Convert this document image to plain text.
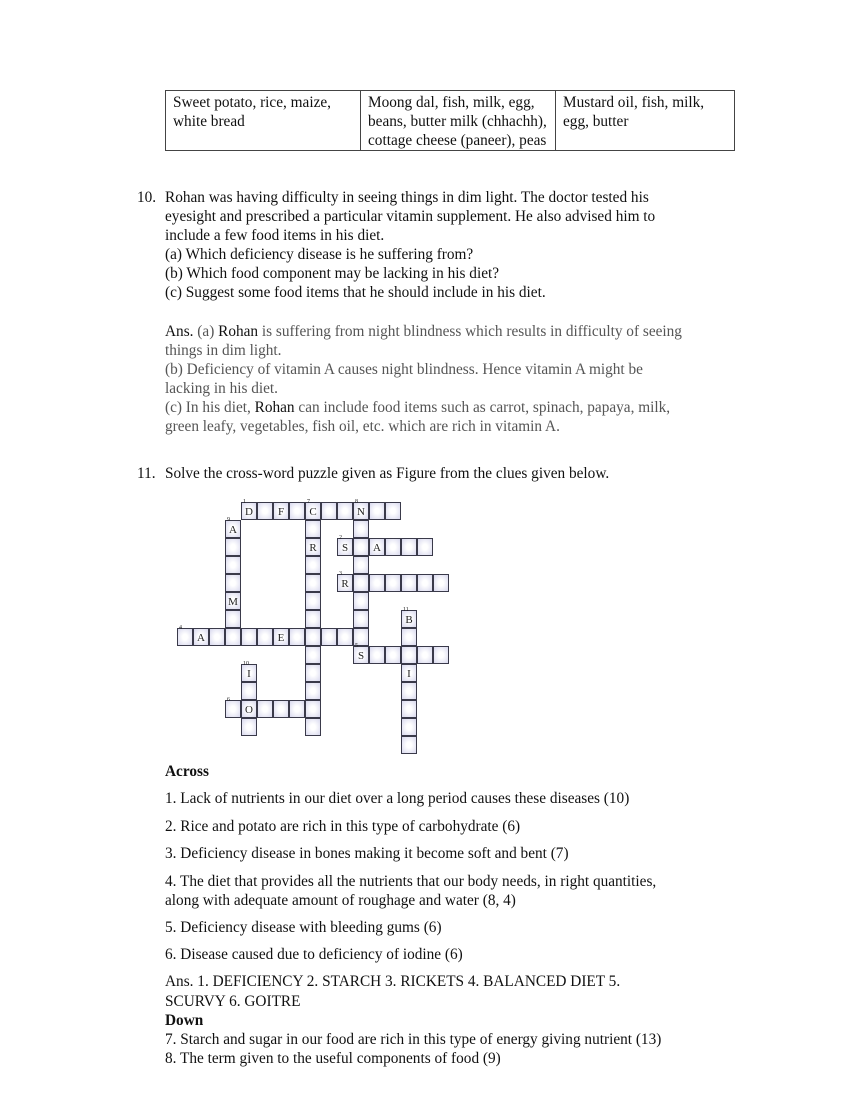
Sweet potato, rice, maize, white bread	Moong dal, fish, milk, egg, beans, butter milk (chhachh), cottage cheese (paneer), peas	Mustard oil, fish, milk, egg, butter
10. Rohan was having difficulty in seeing things in dim light. The doctor tested his
eyesight and prescribed a particular vitamin supplement. He also advised him to
include a few food items in his diet.
(a) Which deficiency disease is he suffering from?
(b) Which food component may be lacking in his diet?
(c) Suggest some food items that he should include in his diet.
Ans. (a) Rohan is suffering from night blindness which results in difficulty of seeing
things in dim light.
(b) Deficiency of vitamin A causes night blindness. Hence vitamin A might be
lacking in his diet.
(c) In his diet, Rohan can include food items such as carrot, spinach, papaya, milk,
green leafy, vegetables, fish oil, etc. which are rich in vitamin A.
11. Solve the cross-word puzzle given as Figure from the clues given below.
1
D	F
7
C
8
N
2
S	A
3
R
4
A	E
5
S
6
O
R
9
A
M
10
I
11
B
I
Across
1. Lack of nutrients in our diet over a long period causes these diseases (10)
2. Rice and potato are rich in this type of carbohydrate (6)
3. Deficiency disease in bones making it become soft and bent (7)
4. The diet that provides all the nutrients that our body needs, in right quantities,
along with adequate amount of roughage and water (8, 4)
5. Deficiency disease with bleeding gums (6)
6. Disease caused due to deficiency of iodine (6)
Ans. 1. DEFICIENCY 2. STARCH 3. RICKETS 4. BALANCED DIET 5.
SCURVY 6. GOITRE
Down
7. Starch and sugar in our food are rich in this type of energy giving nutrient (13)
8. The term given to the useful components of food (9)
